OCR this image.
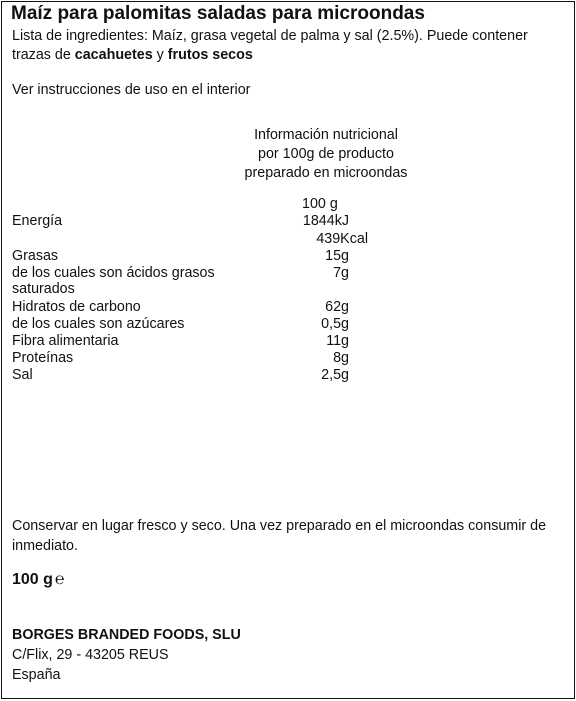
Maíz para palomitas saladas para microondas
Lista de ingredientes: Maíz, grasa vegetal de palma y sal (2.5%). Puede contener trazas de cacahuetes y frutos secos
Ver instrucciones de uso en el interior
Información nutricional
por 100g de producto
preparado en microondas
100 g
Energía	1844kJ
439Kcal
Grasas	15g
de los cuales son ácidos grasos	7g
saturados
Hidratos de carbono	62g
de los cuales son azúcares	0,5g
Fibra alimentaria	11g
Proteínas	8g
Sal	2,5g
Conservar en lugar fresco y seco. Una vez preparado en el microondas consumir de inmediato.
100 g ℮
BORGES BRANDED FOODS, SLU
C/Flix, 29 - 43205 REUS
España
